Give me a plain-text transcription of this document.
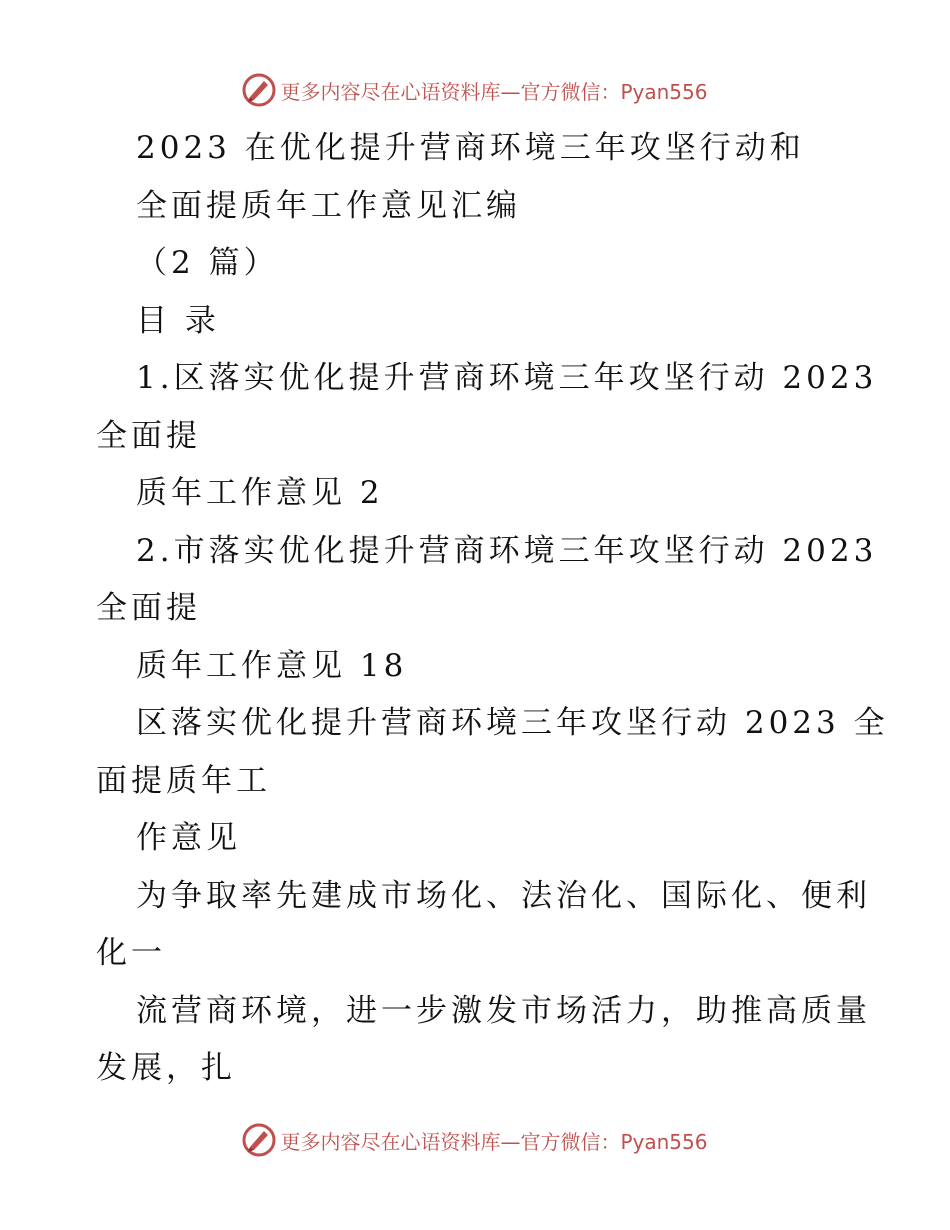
更多内容尽在心语资料库—官方微信：Pyan556
2023 在优化提升营商环境三年攻坚行动和
全面提质年工作意见汇编
（2 篇）
目 录
1.区落实优化提升营商环境三年攻坚行动 2023
全面提
质年工作意见 2
2.市落实优化提升营商环境三年攻坚行动 2023
全面提
质年工作意见 18
区落实优化提升营商环境三年攻坚行动 2023 全
面提质年工
作意见
为争取率先建成市场化、法治化、国际化、便利
化一
流营商环境，进一步激发市场活力，助推高质量
发展，扎
更多内容尽在心语资料库—官方微信：Pyan556
